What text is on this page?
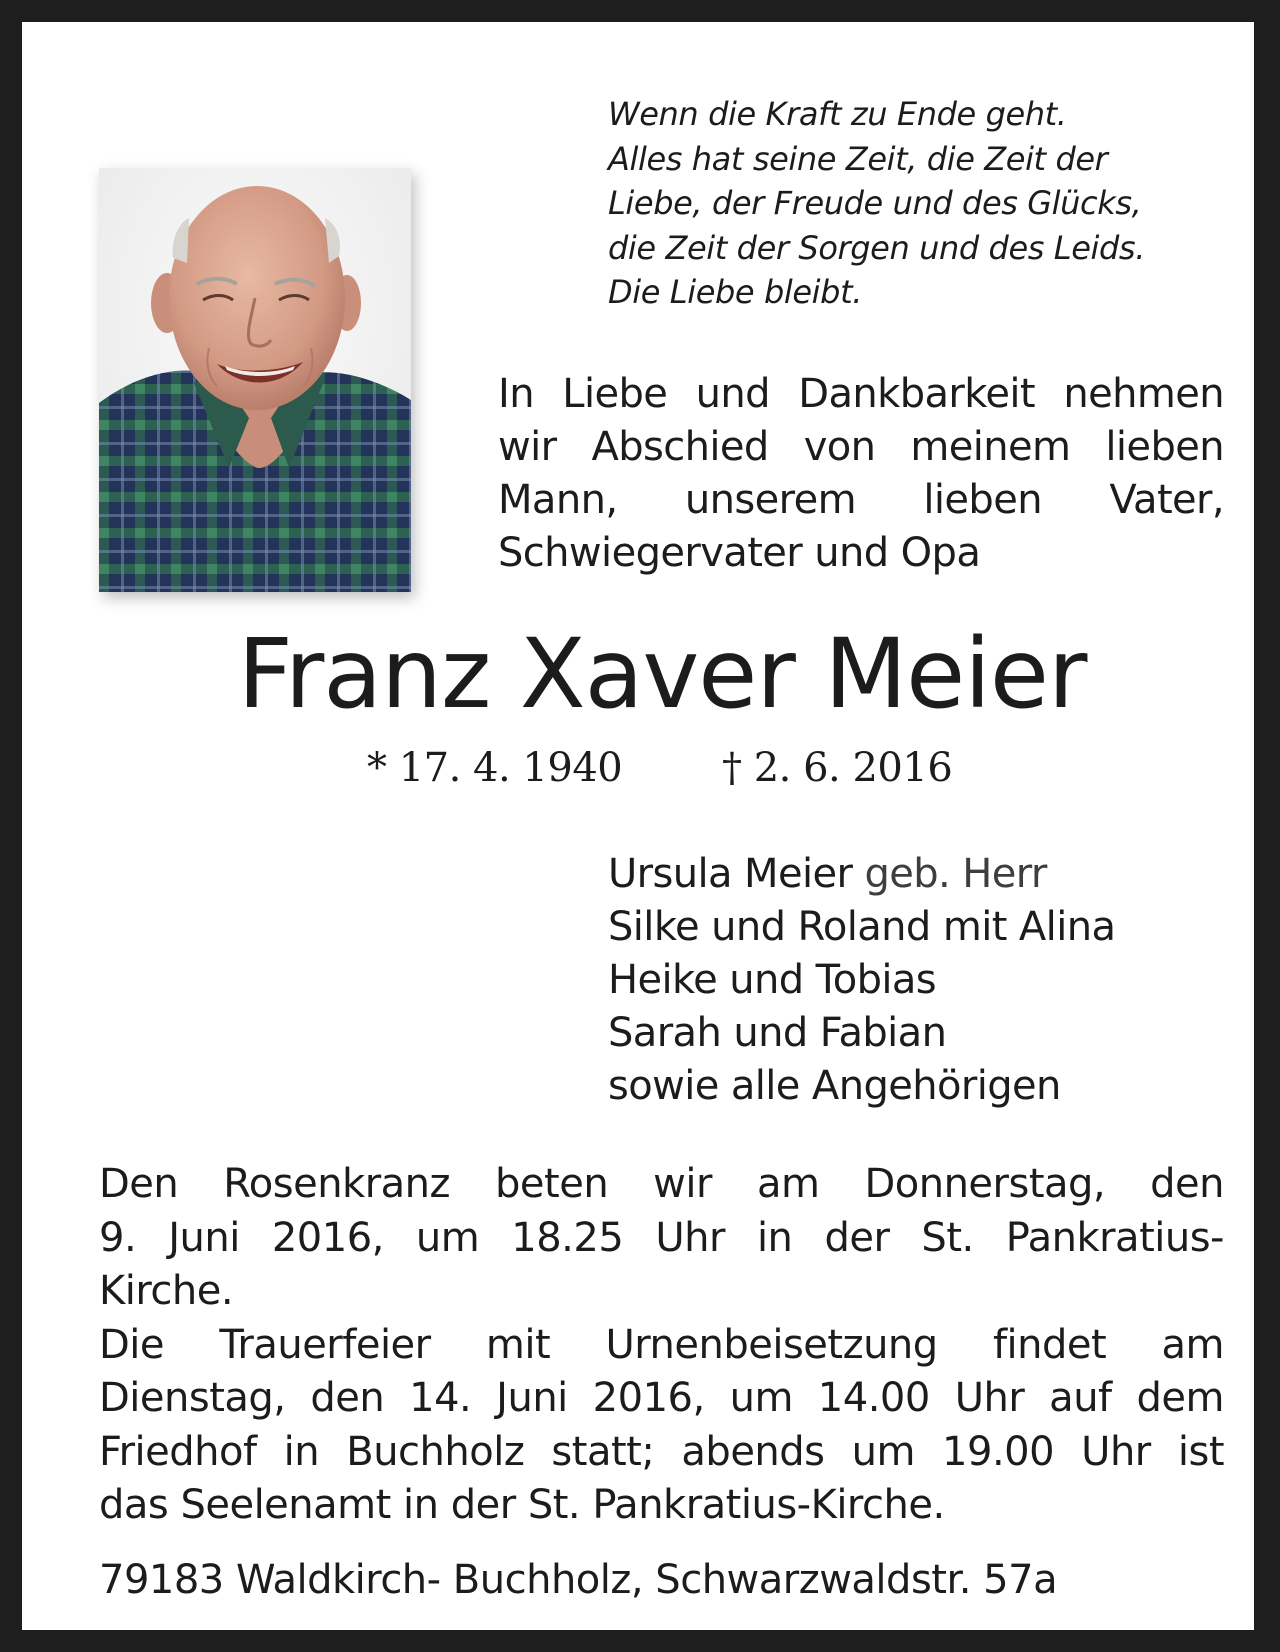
Wenn die Kraft zu Ende geht.
Alles hat seine Zeit, die Zeit der
Liebe, der Freude und des Glücks,
die Zeit der Sorgen und des Leids.
Die Liebe bleibt.
In Liebe und Dankbarkeit nehmen
wir Abschied von meinem lieben
Mann, unserem lieben Vater,
Schwiegervater und Opa
Franz Xaver Meier
* 17. 4. 1940 † 2. 6. 2016
Ursula Meier geb. Herr
Silke und Roland mit Alina
Heike und Tobias
Sarah und Fabian
sowie alle Angehörigen
Den Rosenkranz beten wir am Donnerstag, den
9. Juni 2016, um 18.25 Uhr in der St. Pankratius-
Kirche.
Die Trauerfeier mit Urnenbeisetzung findet am
Dienstag, den 14. Juni 2016, um 14.00 Uhr auf dem
Friedhof in Buchholz statt; abends um 19.00 Uhr ist
das Seelenamt in der St. Pankratius-Kirche.
79183 Waldkirch- Buchholz, Schwarzwaldstr. 57a
